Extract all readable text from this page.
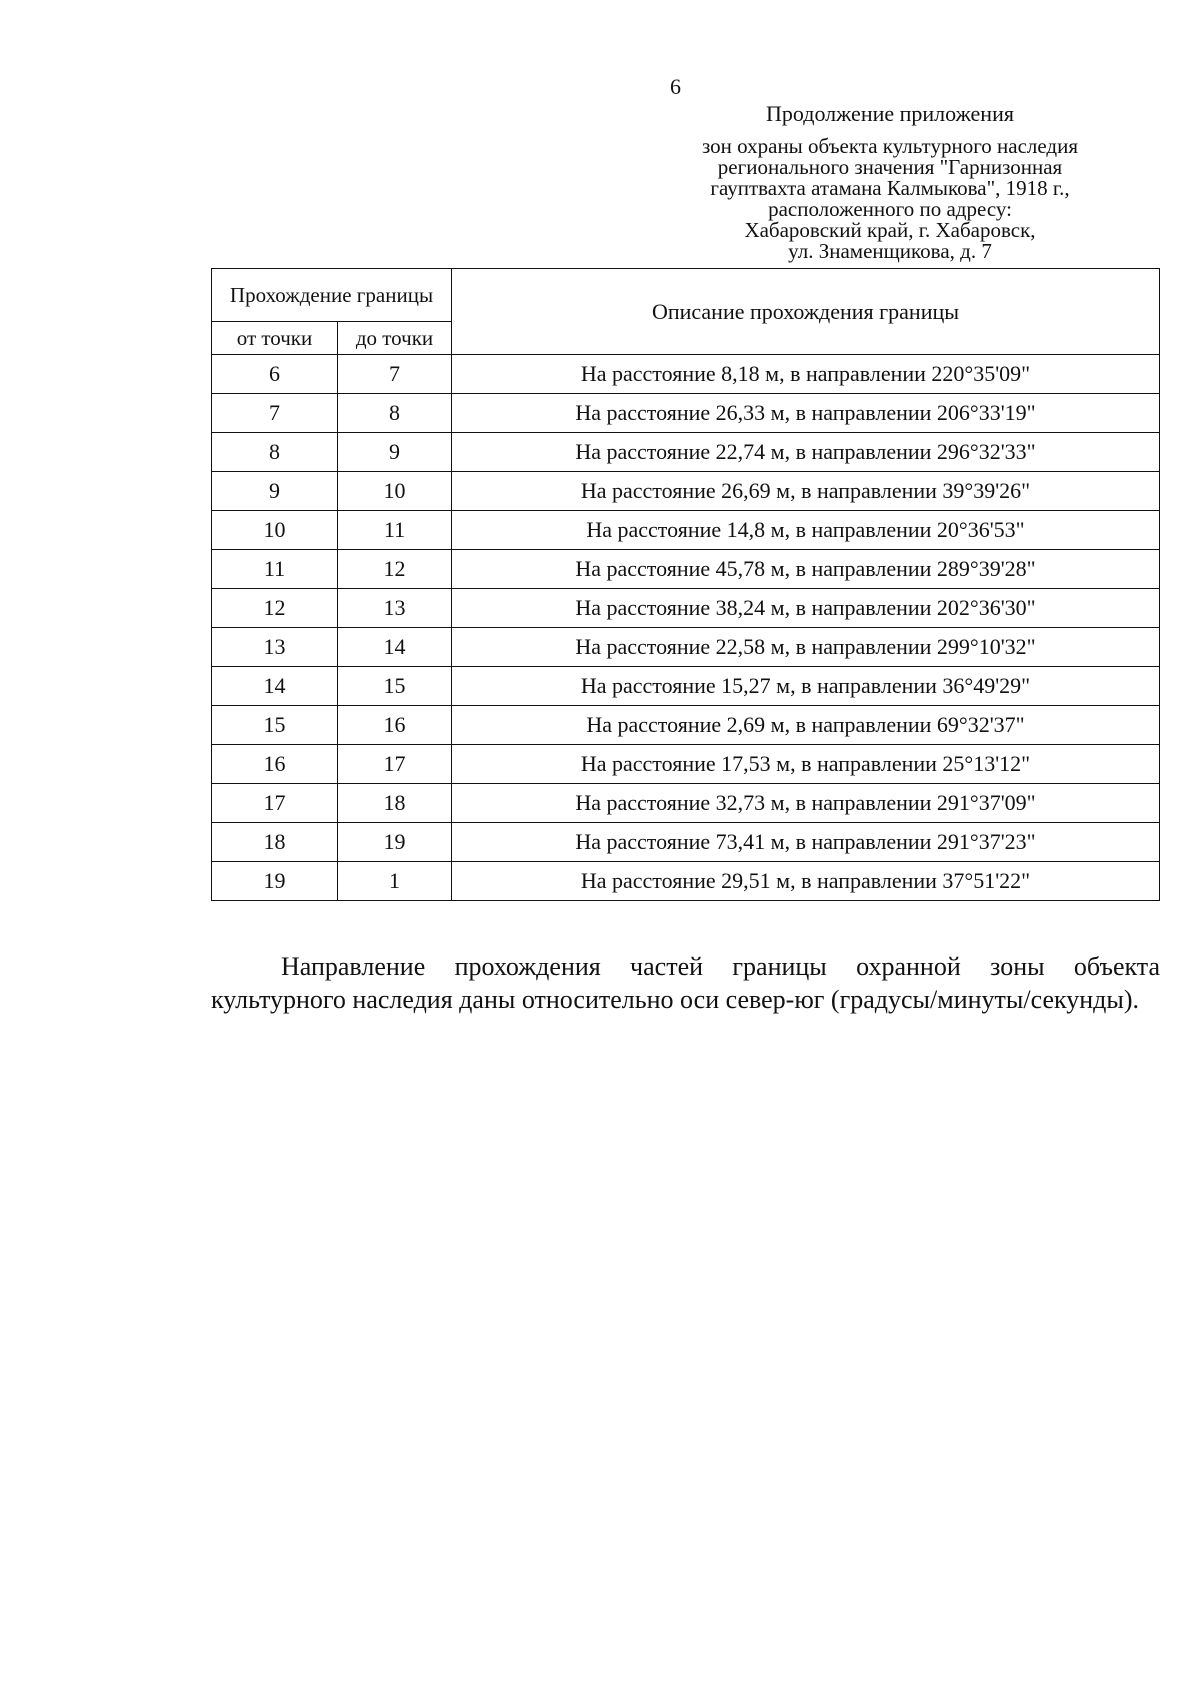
6
Продолжение приложения
зон охраны объекта культурного наследия
регионального значения "Гарнизонная
гауптвахта атамана Калмыкова", 1918 г.,
расположенного по адресу:
Хабаровский край, г. Хабаровск,
ул. Знаменщикова, д. 7
Прохождение границы		Описание прохождения границы
от точки	до точки	
6	7	На расстояние 8,18 м, в направлении 220°35'09"
7	8	На расстояние 26,33 м, в направлении 206°33'19"
8	9	На расстояние 22,74 м, в направлении 296°32'33"
9	10	На расстояние 26,69 м, в направлении 39°39'26"
10	11	На расстояние 14,8 м, в направлении 20°36'53"
11	12	На расстояние 45,78 м, в направлении 289°39'28"
12	13	На расстояние 38,24 м, в направлении 202°36'30"
13	14	На расстояние 22,58 м, в направлении 299°10'32"
14	15	На расстояние 15,27 м, в направлении 36°49'29"
15	16	На расстояние 2,69 м, в направлении 69°32'37"
16	17	На расстояние 17,53 м, в направлении 25°13'12"
17	18	На расстояние 32,73 м, в направлении 291°37'09"
18	19	На расстояние 73,41 м, в направлении 291°37'23"
19	1	На расстояние 29,51 м, в направлении 37°51'22"
Направление прохождения частей границы охранной зоны объекта культурного наследия даны относительно оси север-юг (градусы/минуты/секунды).
